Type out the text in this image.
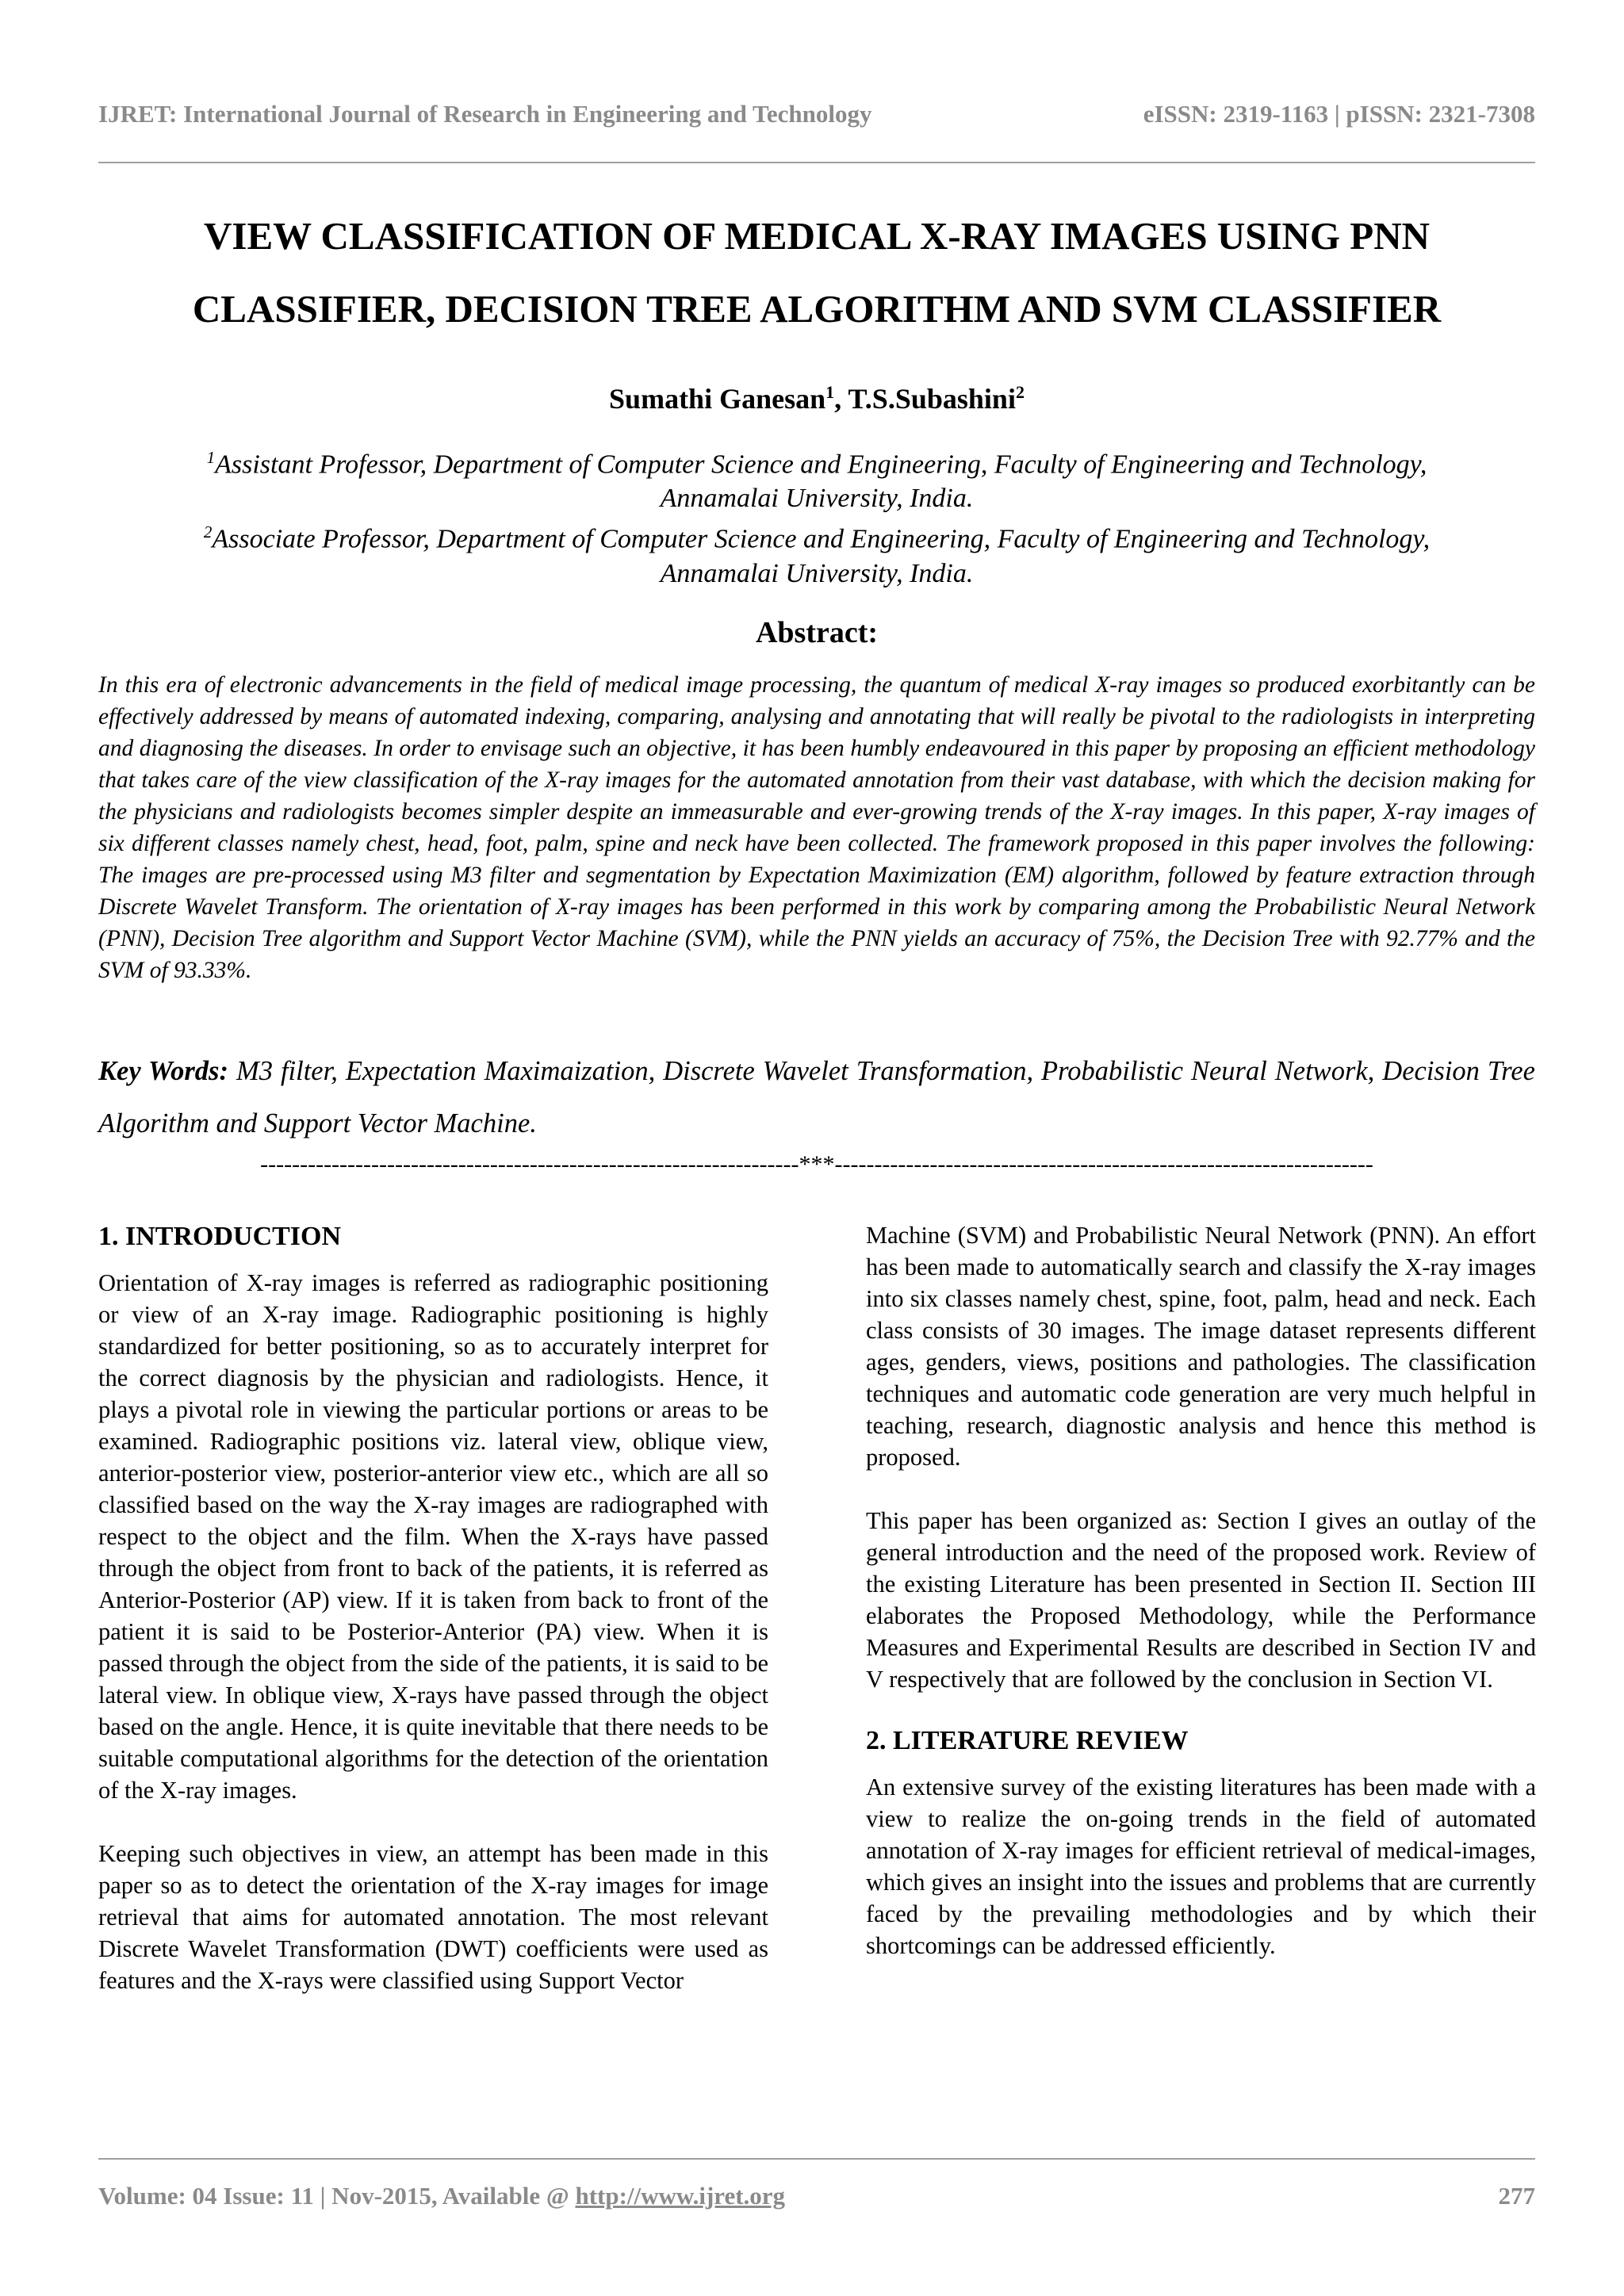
IJRET: International Journal of Research in Engineering and Technology	eISSN: 2319-1163 | pISSN: 2321-7308
VIEW CLASSIFICATION OF MEDICAL X-RAY IMAGES USING PNN
CLASSIFIER, DECISION TREE ALGORITHM AND SVM CLASSIFIER
Sumathi Ganesan$^1$, T.S.Subashini$^2$
$^1$Assistant Professor, Department of Computer Science and Engineering, Faculty of Engineering and Technology,
Annamalai University, India.
$^2$Associate Professor, Department of Computer Science and Engineering, Faculty of Engineering and Technology,
Annamalai University, India.
Abstract:
In this era of electronic advancements in the field of medical image processing, the quantum of medical X-ray images so produced exorbitantly can be effectively addressed by means of automated indexing, comparing, analysing and annotating that will really be pivotal to the radiologists in interpreting and diagnosing the diseases. In order to envisage such an objective, it has been humbly endeavoured in this paper by proposing an efficient methodology that takes care of the view classification of the X-ray images for the automated annotation from their vast database, with which the decision making for the physicians and radiologists becomes simpler despite an immeasurable and ever-growing trends of the X-ray images. In this paper, X-ray images of six different classes namely chest, head, foot, palm, spine and neck have been collected. The framework proposed in this paper involves the following: The images are pre-processed using M3 filter and segmentation by Expectation Maximization (EM) algorithm, followed by feature extraction through Discrete Wavelet Transform. The orientation of X-ray images has been performed in this work by comparing among the Probabilistic Neural Network (PNN), Decision Tree algorithm and Support Vector Machine (SVM), while the PNN yields an accuracy of 75%, the Decision Tree with 92.77% and the SVM of 93.33%.
Key Words: M3 filter, Expectation Maximaization, Discrete Wavelet Transformation, Probabilistic Neural Network, Decision Tree Algorithm and Support Vector Machine.
--------------------------------------------------------------------***--------------------------------------------------------------------
1. INTRODUCTION

Orientation of X-ray images is referred as radiographic positioning or view of an X-ray image. Radiographic positioning is highly standardized for better positioning, so as to accurately interpret for the correct diagnosis by the physician and radiologists. Hence, it plays a pivotal role in viewing the particular portions or areas to be examined. Radiographic positions viz. lateral view, oblique view, anterior-posterior view, posterior-anterior view etc., which are all so classified based on the way the X-ray images are radiographed with respect to the object and the film. When the X-rays have passed through the object from front to back of the patients, it is referred as Anterior-Posterior (AP) view. If it is taken from back to front of the patient it is said to be Posterior-Anterior (PA) view. When it is passed through the object from the side of the patients, it is said to be lateral view. In oblique view, X-rays have passed through the object based on the angle. Hence, it is quite inevitable that there needs to be suitable computational algorithms for the detection of the orientation of the X-ray images.

Keeping such objectives in view, an attempt has been made in this paper so as to detect the orientation of the X-ray images for image retrieval that aims for automated annotation. The most relevant Discrete Wavelet Transformation (DWT) coefficients were used as features and the X-rays were classified using Support Vector

Machine (SVM) and Probabilistic Neural Network (PNN). An effort has been made to automatically search and classify the X-ray images into six classes namely chest, spine, foot, palm, head and neck. Each class consists of 30 images. The image dataset represents different ages, genders, views, positions and pathologies. The classification techniques and automatic code generation are very much helpful in teaching, research, diagnostic analysis and hence this method is proposed.

This paper has been organized as: Section I gives an outlay of the general introduction and the need of the proposed work. Review of the existing Literature has been presented in Section II. Section III elaborates the Proposed Methodology, while the Performance Measures and Experimental Results are described in Section IV and V respectively that are followed by the conclusion in Section VI.

2. LITERATURE REVIEW

An extensive survey of the existing literatures has been made with a view to realize the on-going trends in the field of automated annotation of X-ray images for efficient retrieval of medical-images, which gives an insight into the issues and problems that are currently faced by the prevailing methodologies and by which their shortcomings can be addressed efficiently.

Volume: 04 Issue: 11 | Nov-2015, Available @ http://www.ijret.org	277
